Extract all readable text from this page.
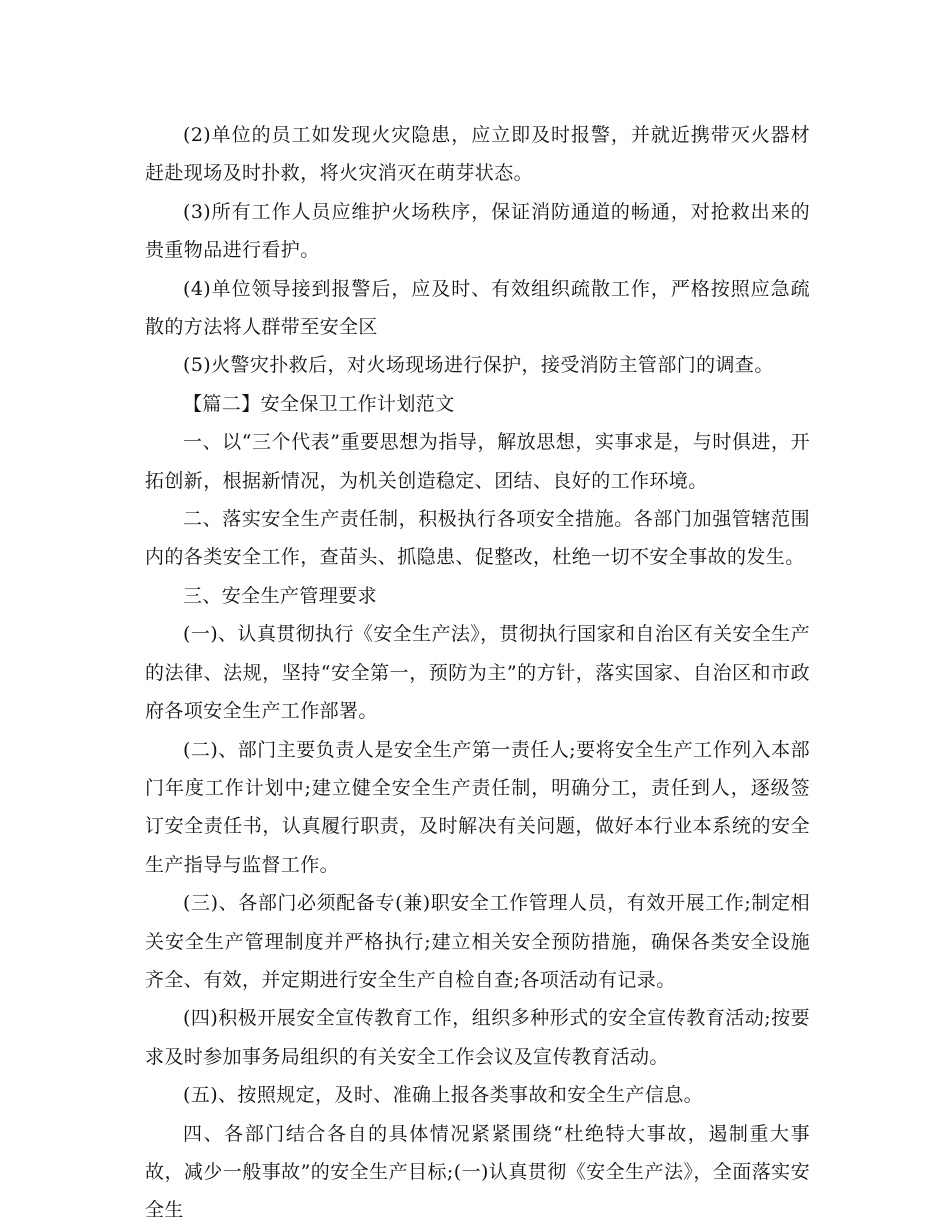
(2)单位的员工如发现火灾隐患，应立即及时报警，并就近携带灭火器材赶赴现场及时扑救，将火灾消灭在萌芽状态。

(3)所有工作人员应维护火场秩序，保证消防通道的畅通，对抢救出来的贵重物品进行看护。

(4)单位领导接到报警后，应及时、有效组织疏散工作，严格按照应急疏散的方法将人群带至安全区

(5)火警灾扑救后，对火场现场进行保护，接受消防主管部门的调查。

【篇二】安全保卫工作计划范文

一、以“三个代表”重要思想为指导，解放思想，实事求是，与时俱进，开拓创新，根据新情况，为机关创造稳定、团结、良好的工作环境。

二、落实安全生产责任制，积极执行各项安全措施。各部门加强管辖范围内的各类安全工作，查苗头、抓隐患、促整改，杜绝一切不安全事故的发生。

三、安全生产管理要求

(一)、认真贯彻执行《安全生产法》，贯彻执行国家和自治区有关安全生产的法律、法规，坚持“安全第一，预防为主”的方针，落实国家、自治区和市政府各项安全生产工作部署。

(二)、部门主要负责人是安全生产第一责任人;要将安全生产工作列入本部门年度工作计划中;建立健全安全生产责任制，明确分工，责任到人，逐级签订安全责任书，认真履行职责，及时解决有关问题，做好本行业本系统的安全生产指导与监督工作。

(三)、各部门必须配备专(兼)职安全工作管理人员，有效开展工作;制定相关安全生产管理制度并严格执行;建立相关安全预防措施，确保各类安全设施齐全、有效，并定期进行安全生产自检自查;各项活动有记录。

(四)积极开展安全宣传教育工作，组织多种形式的安全宣传教育活动;按要求及时参加事务局组织的有关安全工作会议及宣传教育活动。

(五)、按照规定，及时、准确上报各类事故和安全生产信息。

四、各部门结合各自的具体情况紧紧围绕“杜绝特大事故，遏制重大事故，减少一般事故”的安全生产目标;(一)认真贯彻《安全生产法》，全面落实安全生
